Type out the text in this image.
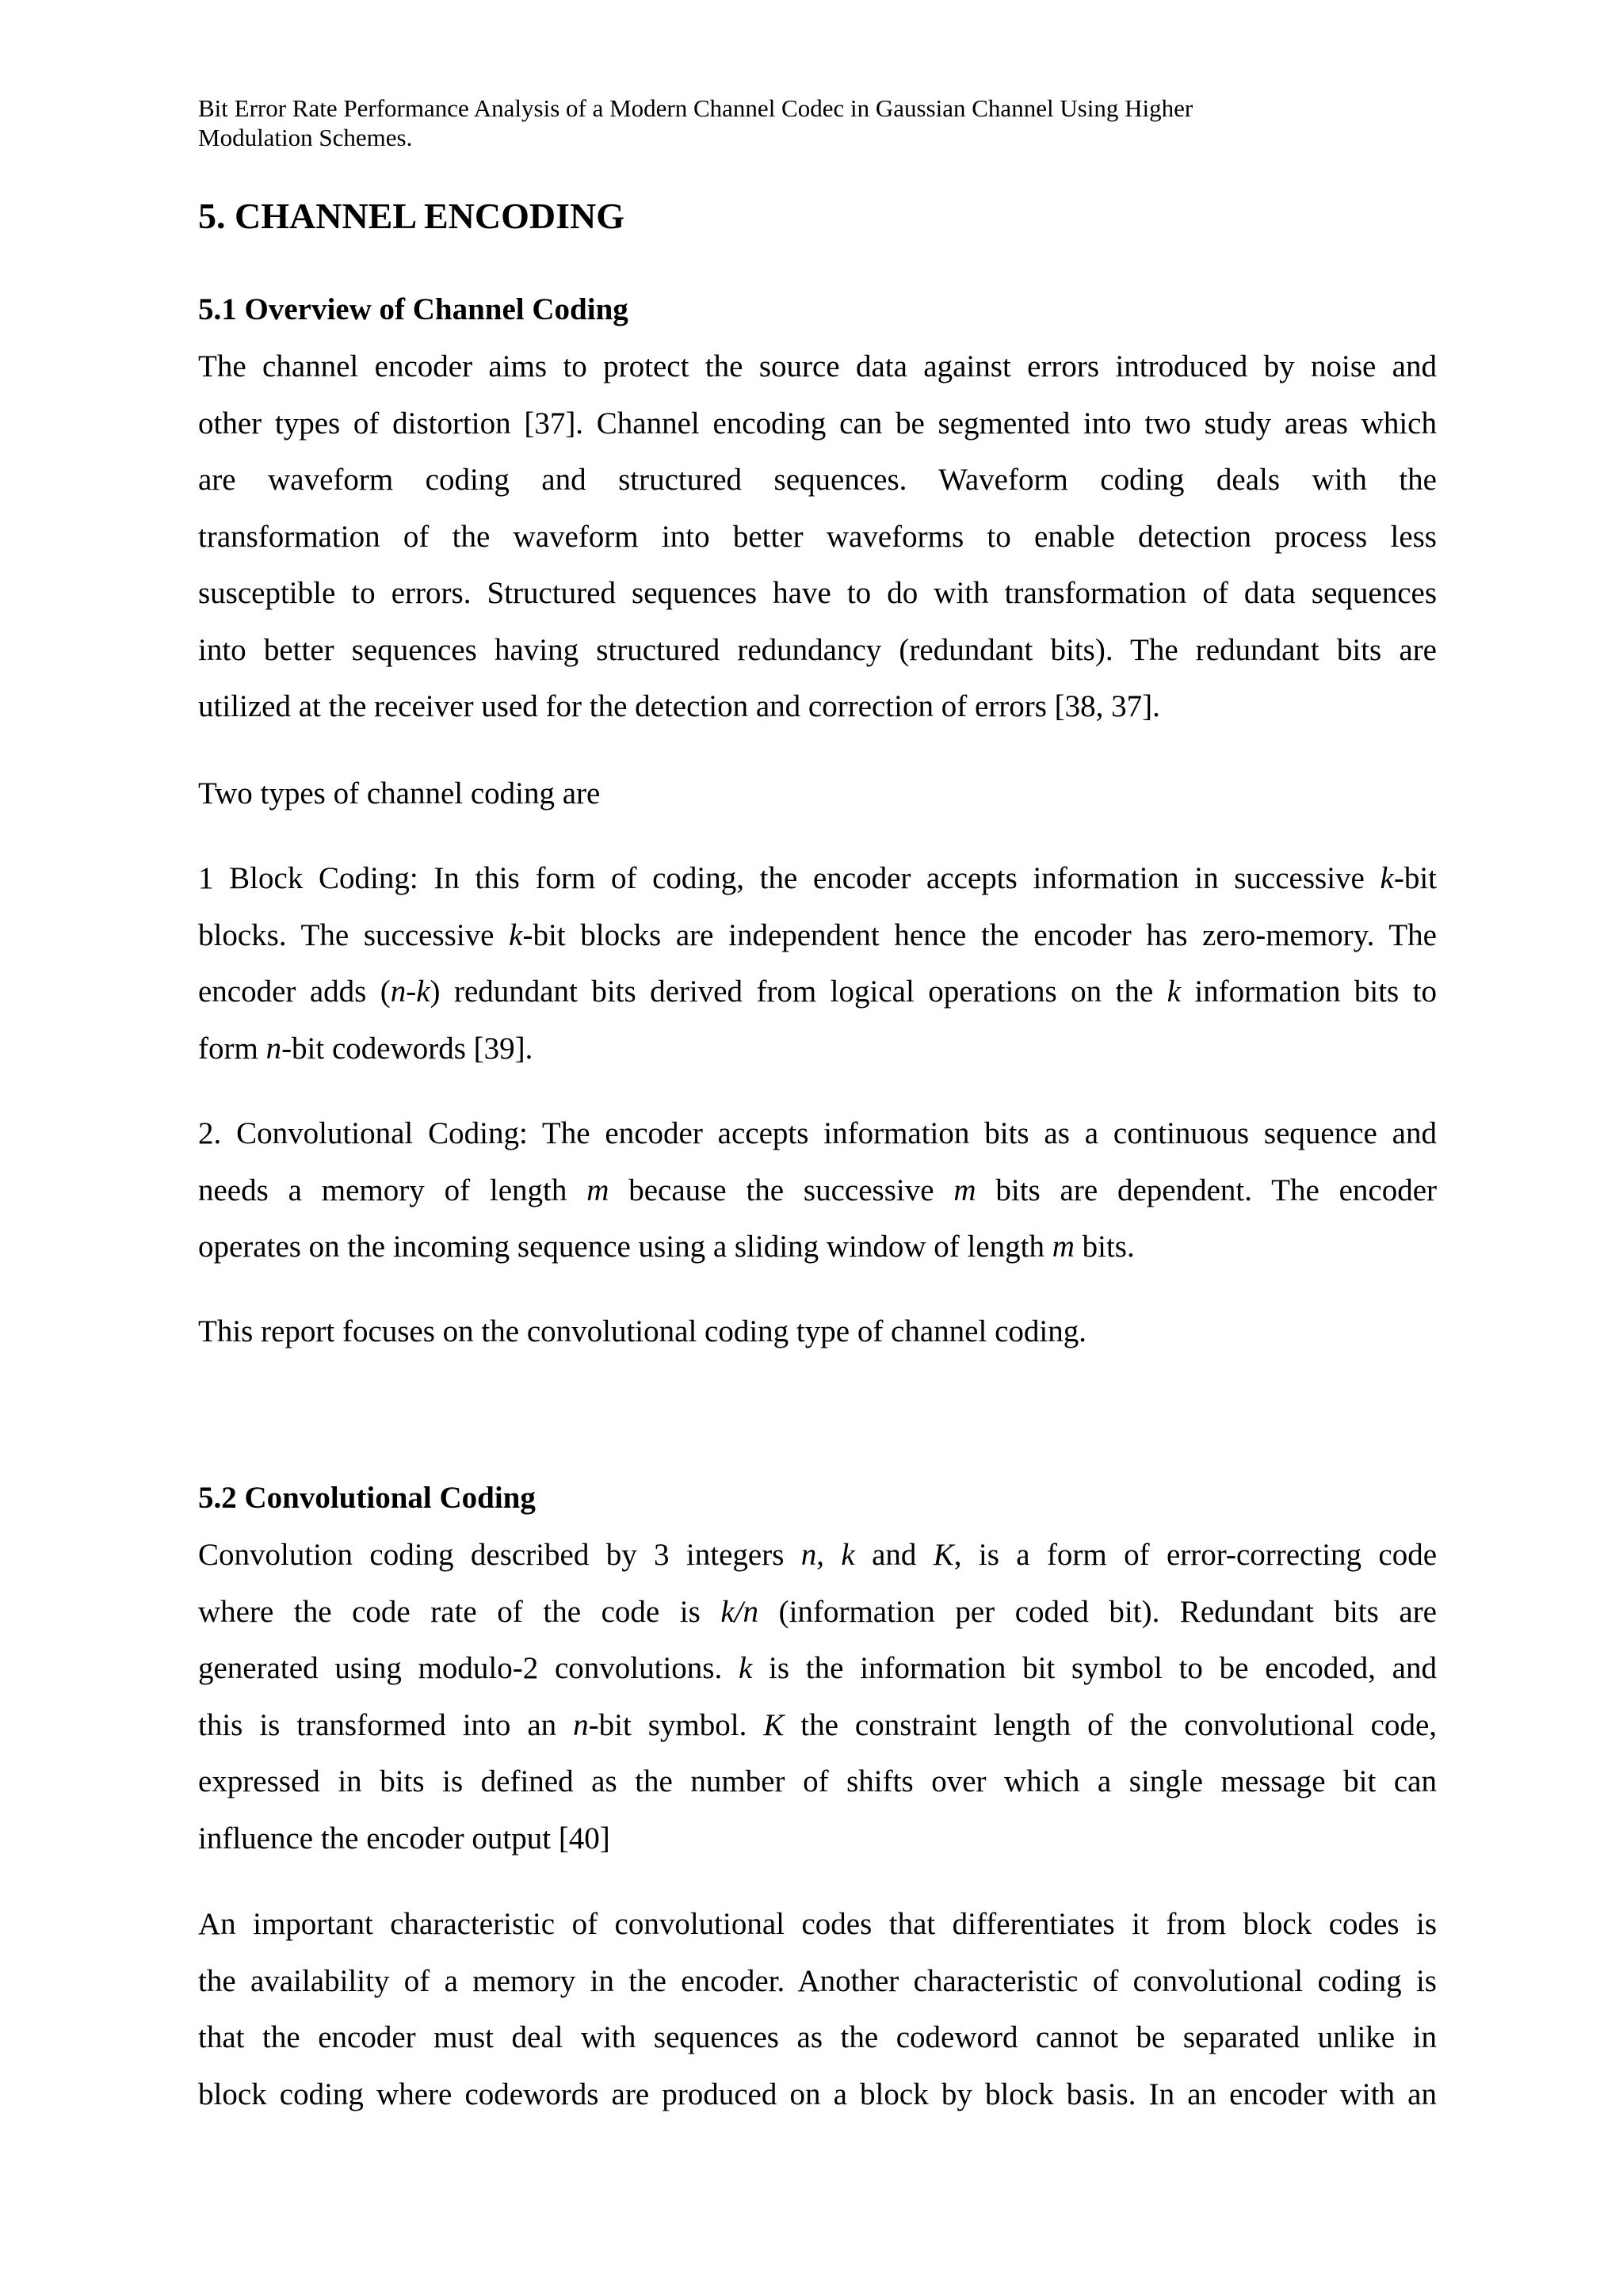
Bit Error Rate Performance Analysis of a Modern Channel Codec in Gaussian Channel Using Higher
Modulation Schemes.
5. CHANNEL ENCODING
5.1 Overview of Channel Coding

The channel encoder aims to protect the source data against errors introduced by noise and
other types of distortion [37]. Channel encoding can be segmented into two study areas which
are waveform coding and structured sequences. Waveform coding deals with the
transformation of the waveform into better waveforms to enable detection process less
susceptible to errors. Structured sequences have to do with transformation of data sequences
into better sequences having structured redundancy (redundant bits). The redundant bits are
utilized at the receiver used for the detection and correction of errors [38, 37].

Two types of channel coding are

1 Block Coding: In this form of coding, the encoder accepts information in successive k-bit
blocks. The successive k-bit blocks are independent hence the encoder has zero-memory. The
encoder adds (n-k) redundant bits derived from logical operations on the k information bits to
form n-bit codewords [39].

2. Convolutional Coding: The encoder accepts information bits as a continuous sequence and
needs a memory of length m because the successive m bits are dependent. The encoder
operates on the incoming sequence using a sliding window of length m bits.

This report focuses on the convolutional coding type of channel coding.

5.2 Convolutional Coding

Convolution coding described by 3 integers n, k and K, is a form of error-correcting code
where the code rate of the code is k/n (information per coded bit). Redundant bits are
generated using modulo-2 convolutions. k is the information bit symbol to be encoded, and
this is transformed into an n-bit symbol. K the constraint length of the convolutional code,
expressed in bits is defined as the number of shifts over which a single message bit can
influence the encoder output [40]

An important characteristic of convolutional codes that differentiates it from block codes is
the availability of a memory in the encoder. Another characteristic of convolutional coding is
that the encoder must deal with sequences as the codeword cannot be separated unlike in
block coding where codewords are produced on a block by block basis. In an encoder with an
